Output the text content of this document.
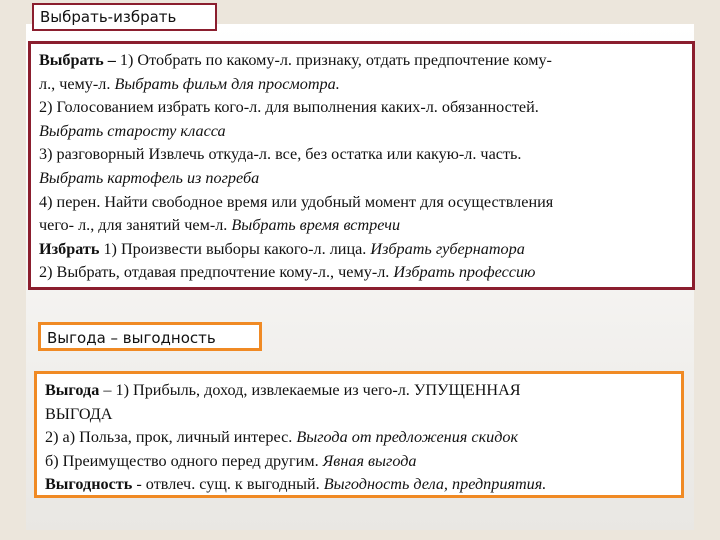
Выбрать-избрать
Выбрать – 1) Отобрать по какому-л. признаку, отдать предпочтение кому-
л., чему-л. Выбрать фильм для просмотра.
2) Голосованием избрать кого-л. для выполнения каких-л. обязанностей.
Выбрать старосту класса
3) разговорный Извлечь откуда-л. все, без остатка или какую-л. часть.
Выбрать картофель из погреба
4) перен. Найти свободное время или удобный момент для осуществления
чего- л., для занятий чем-л. Выбрать время встречи
Избрать 1) Произвести выборы какого-л. лица. Избрать губернатора
2) Выбрать, отдавая предпочтение кому-л., чему-л. Избрать профессию
Выгода – выгодность
Выгода – 1) Прибыль, доход, извлекаемые из чего-л. УПУЩЕННАЯ
ВЫГОДА
2) а) Польза, прок, личный интерес. Выгода от предложения скидок
б) Преимущество одного перед другим. Явная выгода
Выгодность - отвлеч. сущ. к выгодный. Выгодность дела, предприятия.
